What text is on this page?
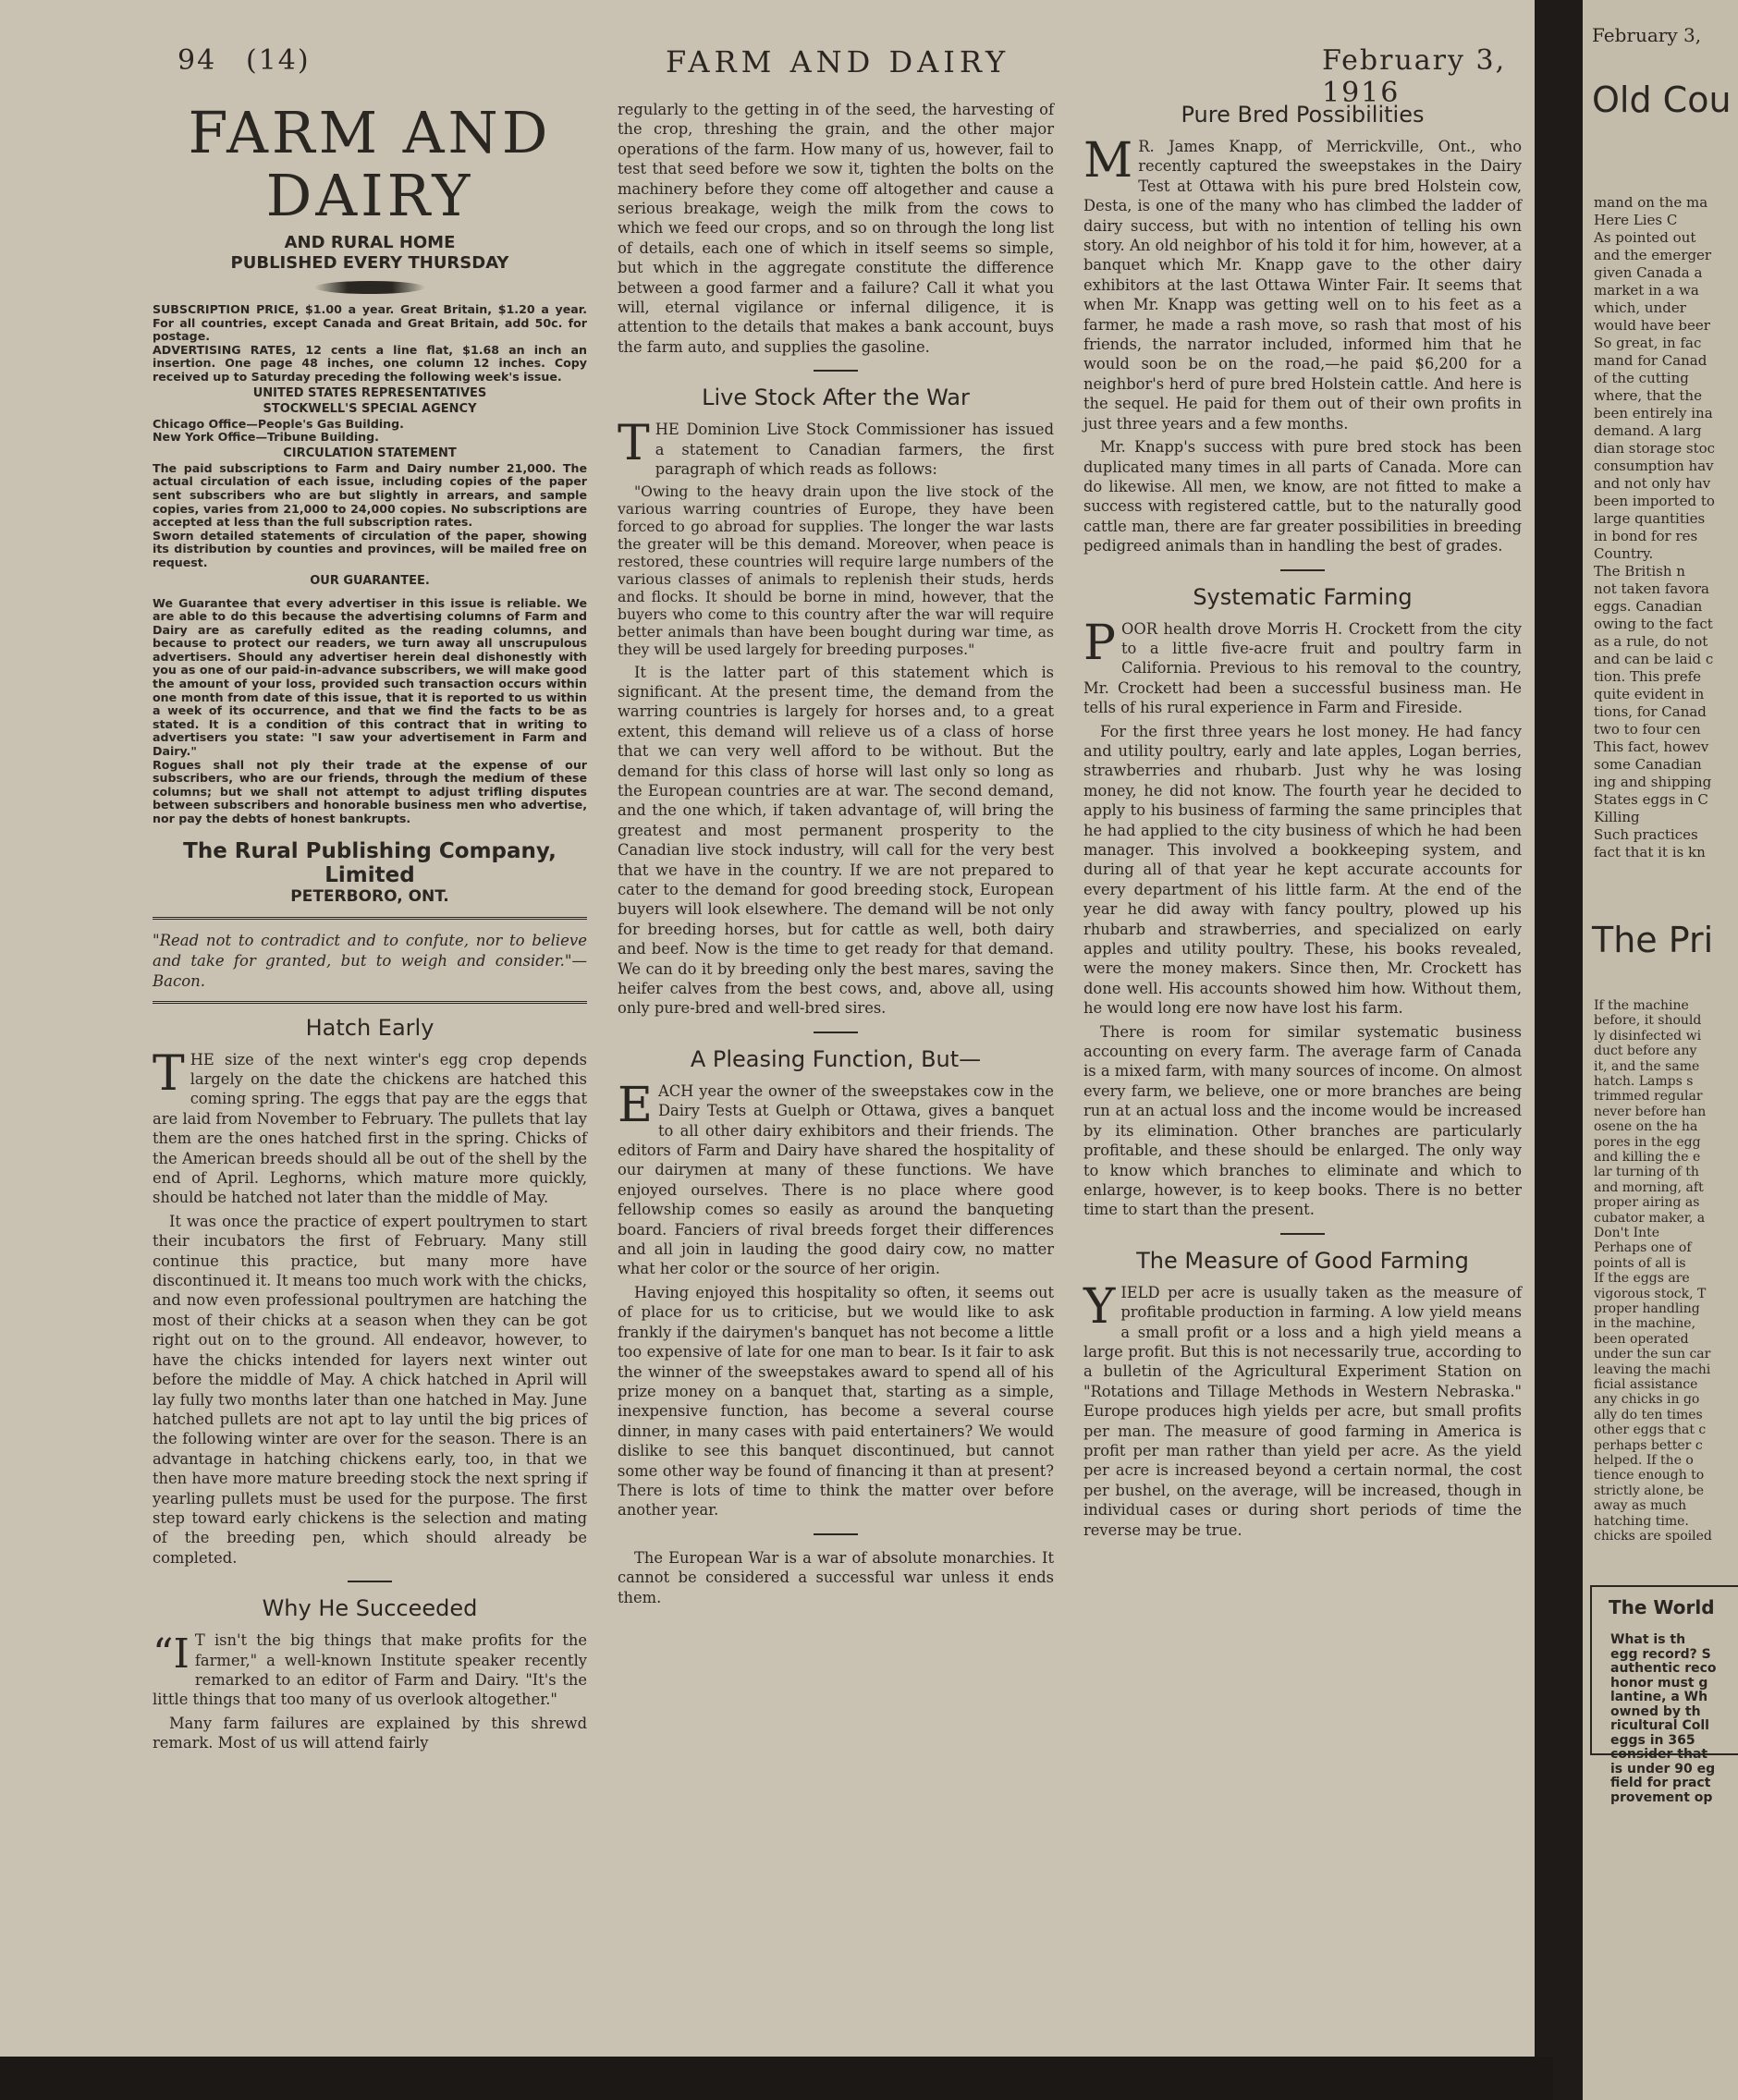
94 (14)	FARM AND DAIRY	February 3, 1916
FARM AND DAIRY
AND RURAL HOME
PUBLISHED EVERY THURSDAY

SUBSCRIPTION PRICE, $1.00 a year. Great Britain, $1.20 a year. For all countries, except Canada and Great Britain, add 50c. for postage.

ADVERTISING RATES, 12 cents a line flat, $1.68 an inch an insertion. One page 48 inches, one column 12 inches. Copy received up to Saturday preceding the following week's issue.

UNITED STATES REPRESENTATIVES
STOCKWELL'S SPECIAL AGENCY

Chicago Office—People's Gas Building.

New York Office—Tribune Building.

CIRCULATION STATEMENT

The paid subscriptions to Farm and Dairy number 21,000. The actual circulation of each issue, including copies of the paper sent subscribers who are but slightly in arrears, and sample copies, varies from 21,000 to 24,000 copies. No subscriptions are accepted at less than the full subscription rates.

Sworn detailed statements of circulation of the paper, showing its distribution by counties and provinces, will be mailed free on request.

OUR GUARANTEE.

We Guarantee that every advertiser in this issue is reliable. We are able to do this because the advertising columns of Farm and Dairy are as carefully edited as the reading columns, and because to protect our readers, we turn away all unscrupulous advertisers. Should any advertiser herein deal dishonestly with you as one of our paid-in-advance subscribers, we will make good the amount of your loss, provided such transaction occurs within one month from date of this issue, that it is reported to us within a week of its occurrence, and that we find the facts to be as stated. It is a condition of this contract that in writing to advertisers you state: "I saw your advertisement in Farm and Dairy."

Rogues shall not ply their trade at the expense of our subscribers, who are our friends, through the medium of these columns; but we shall not attempt to adjust trifling disputes between subscribers and honorable business men who advertise, nor pay the debts of honest bankrupts.

The Rural Publishing Company, Limited
PETERBORO, ONT.

"Read not to contradict and to confute, nor to believe and take for granted, but to weigh and consider."—Bacon.

Hatch Early

THE size of the next winter's egg crop depends largely on the date the chickens are hatched this coming spring. The eggs that pay are the eggs that are laid from November to February. The pullets that lay them are the ones hatched first in the spring. Chicks of the American breeds should all be out of the shell by the end of April. Leghorns, which mature more quickly, should be hatched not later than the middle of May.

It was once the practice of expert poultrymen to start their incubators the first of February. Many still continue this practice, but many more have discontinued it. It means too much work with the chicks, and now even professional poultrymen are hatching the most of their chicks at a season when they can be got right out on to the ground. All endeavor, however, to have the chicks intended for layers next winter out before the middle of May. A chick hatched in April will lay fully two months later than one hatched in May. June hatched pullets are not apt to lay until the big prices of the following winter are over for the season. There is an advantage in hatching chickens early, too, in that we then have more mature breeding stock the next spring if yearling pullets must be used for the purpose. The first step toward early chickens is the selection and mating of the breeding pen, which should already be completed.

Why He Succeeded

“I T isn't the big things that make profits for the farmer," a well-known Institute speaker recently remarked to an editor of Farm and Dairy. "It's the little things that too many of us overlook altogether."

Many farm failures are explained by this shrewd remark. Most of us will attend fairly

regularly to the getting in of the seed, the harvesting of the crop, threshing the grain, and the other major operations of the farm. How many of us, however, fail to test that seed before we sow it, tighten the bolts on the machinery before they come off altogether and cause a serious breakage, weigh the milk from the cows to which we feed our crops, and so on through the long list of details, each one of which in itself seems so simple, but which in the aggregate constitute the difference between a good farmer and a failure? Call it what you will, eternal vigilance or infernal diligence, it is attention to the details that makes a bank account, buys the farm auto, and supplies the gasoline.

Live Stock After the War

THE Dominion Live Stock Commissioner has issued a statement to Canadian farmers, the first paragraph of which reads as follows:

"Owing to the heavy drain upon the live stock of the various warring countries of Europe, they have been forced to go abroad for supplies. The longer the war lasts the greater will be this demand. Moreover, when peace is restored, these countries will require large numbers of the various classes of animals to replenish their studs, herds and flocks. It should be borne in mind, however, that the buyers who come to this country after the war will require better animals than have been bought during war time, as they will be used largely for breeding purposes."

It is the latter part of this statement which is significant. At the present time, the demand from the warring countries is largely for horses and, to a great extent, this demand will relieve us of a class of horse that we can very well afford to be without. But the demand for this class of horse will last only so long as the European countries are at war. The second demand, and the one which, if taken advantage of, will bring the greatest and most permanent prosperity to the Canadian live stock industry, will call for the very best that we have in the country. If we are not prepared to cater to the demand for good breeding stock, European buyers will look elsewhere. The demand will be not only for breeding horses, but for cattle as well, both dairy and beef. Now is the time to get ready for that demand. We can do it by breeding only the best mares, saving the heifer calves from the best cows, and, above all, using only pure-bred and well-bred sires.

A Pleasing Function, But—

EACH year the owner of the sweepstakes cow in the Dairy Tests at Guelph or Ottawa, gives a banquet to all other dairy exhibitors and their friends. The editors of Farm and Dairy have shared the hospitality of our dairymen at many of these functions. We have enjoyed ourselves. There is no place where good fellowship comes so easily as around the banqueting board. Fanciers of rival breeds forget their differences and all join in lauding the good dairy cow, no matter what her color or the source of her origin.

Having enjoyed this hospitality so often, it seems out of place for us to criticise, but we would like to ask frankly if the dairymen's banquet has not become a little too expensive of late for one man to bear. Is it fair to ask the winner of the sweepstakes award to spend all of his prize money on a banquet that, starting as a simple, inexpensive function, has become a several course dinner, in many cases with paid entertainers? We would dislike to see this banquet discontinued, but cannot some other way be found of financing it than at present? There is lots of time to think the matter over before another year.

The European War is a war of absolute monarchies. It cannot be considered a successful war unless it ends them.

Pure Bred Possibilities

M R. James Knapp, of Merrickville, Ont., who recently captured the sweepstakes in the Dairy Test at Ottawa with his pure bred Holstein cow, Desta, is one of the many who has climbed the ladder of dairy success, but with no intention of telling his own story. An old neighbor of his told it for him, however, at a banquet which Mr. Knapp gave to the other dairy exhibitors at the last Ottawa Winter Fair. It seems that when Mr. Knapp was getting well on to his feet as a farmer, he made a rash move, so rash that most of his friends, the narrator included, informed him that he would soon be on the road,—he paid $6,200 for a neighbor's herd of pure bred Holstein cattle. And here is the sequel. He paid for them out of their own profits in just three years and a few months.

Mr. Knapp's success with pure bred stock has been duplicated many times in all parts of Canada. More can do likewise. All men, we know, are not fitted to make a success with registered cattle, but to the naturally good cattle man, there are far greater possibilities in breeding pedigreed animals than in handling the best of grades.

Systematic Farming

POOR health drove Morris H. Crockett from the city to a little five-acre fruit and poultry farm in California. Previous to his removal to the country, Mr. Crockett had been a successful business man. He tells of his rural experience in Farm and Fireside.

For the first three years he lost money. He had fancy and utility poultry, early and late apples, Logan berries, strawberries and rhubarb. Just why he was losing money, he did not know. The fourth year he decided to apply to his business of farming the same principles that he had applied to the city business of which he had been manager. This involved a bookkeeping system, and during all of that year he kept accurate accounts for every department of his little farm. At the end of the year he did away with fancy poultry, plowed up his rhubarb and strawberries, and specialized on early apples and utility poultry. These, his books revealed, were the money makers. Since then, Mr. Crockett has done well. His accounts showed him how. Without them, he would long ere now have lost his farm.

There is room for similar systematic business accounting on every farm. The average farm of Canada is a mixed farm, with many sources of income. On almost every farm, we believe, one or more branches are being run at an actual loss and the income would be increased by its elimination. Other branches are particularly profitable, and these should be enlarged. The only way to know which branches to eliminate and which to enlarge, however, is to keep books. There is no better time to start than the present.

The Measure of Good Farming

YIELD per acre is usually taken as the measure of profitable production in farming. A low yield means a small profit or a loss and a high yield means a large profit. But this is not necessarily true, according to a bulletin of the Agricultural Experiment Station on "Rotations and Tillage Methods in Western Nebraska." Europe produces high yields per acre, but small profits per man. The measure of good farming in America is profit per man rather than yield per acre. As the yield per acre is increased beyond a certain normal, the cost per bushel, on the average, will be increased, though in individual cases or during short periods of time the reverse may be true.

February 3,
Old Cou
The Pri
The World
mand on the ma
Here Lies C
As pointed out
and the emerger
given Canada a
market in a wa
which, under
would have beer
So great, in fac
mand for Canad
of the cutting
where, that the
been entirely ina
demand. A larg
dian storage stoc
consumption hav
and not only hav
been imported to
large quantities
in bond for res
Country.
The British n
not taken favora
eggs. Canadian
owing to the fact
as a rule, do not
and can be laid c
tion. This prefe
quite evident in
tions, for Canad
two to four cen
This fact, howev
some Canadian
ing and shipping
States eggs in C
Killing
Such practices
fact that it is kn
If the machine
before, it should
ly disinfected wi
duct before any
it, and the same
hatch. Lamps s
trimmed regular
never before han
osene on the ha
pores in the egg
and killing the e
lar turning of th
and morning, aft
proper airing as
cubator maker, a
Don't Inte
Perhaps one of
points of all is
If the eggs are
vigorous stock, T
proper handling
in the machine,
been operated
under the sun car
leaving the machi
ficial assistance
any chicks in go
ally do ten times
other eggs that c
perhaps better c
helped. If the o
tience enough to
strictly alone, be
away as much
hatching time.
chicks are spoiled
What is th
egg record? S
authentic reco
honor must g
lantine, a Wh
owned by th
ricultural Coll
eggs in 365
consider that
is under 90 eg
field for pract
provement op
